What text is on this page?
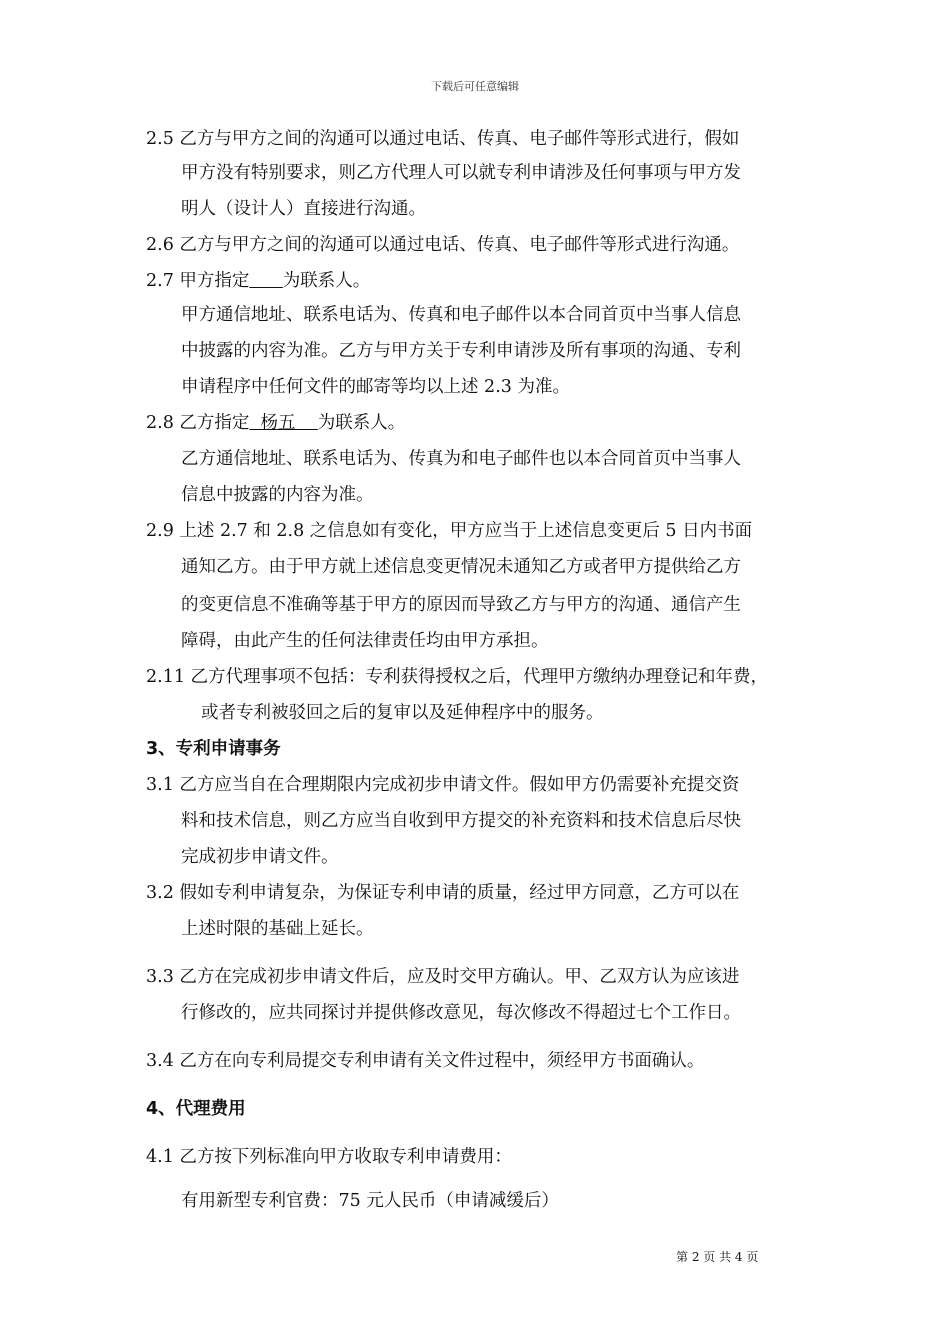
下载后可任意编辑
2.5 乙方与甲方之间的沟通可以通过电话、传真、电子邮件等形式进行，假如
甲方没有特别要求，则乙方代理人可以就专利申请涉及任何事项与甲方发
明人（设计人）直接进行沟通。
2.6 乙方与甲方之间的沟通可以通过电话、传真、电子邮件等形式进行沟通。
2.7 甲方指定 为联系人。
甲方通信地址、联系电话为、传真和电子邮件以本合同首页中当事人信息
中披露的内容为准。乙方与甲方关于专利申请涉及所有事项的沟通、专利
申请程序中任何文件的邮寄等均以上述 2.3 为准。
2.8 乙方指定  杨五    为联系人。
乙方通信地址、联系电话为、传真为和电子邮件也以本合同首页中当事人
信息中披露的内容为准。
2.9 上述 2.7 和 2.8 之信息如有变化，甲方应当于上述信息变更后 5 日内书面
通知乙方。由于甲方就上述信息变更情况未通知乙方或者甲方提供给乙方
的变更信息不准确等基于甲方的原因而导致乙方与甲方的沟通、通信产生
障碍，由此产生的任何法律责任均由甲方承担。
2.11 乙方代理事项不包括：专利获得授权之后，代理甲方缴纳办理登记和年费，
或者专利被驳回之后的复审以及延伸程序中的服务。
3、专利申请事务
3.1 乙方应当自在合理期限内完成初步申请文件。假如甲方仍需要补充提交资
料和技术信息，则乙方应当自收到甲方提交的补充资料和技术信息后尽快
完成初步申请文件。
3.2 假如专利申请复杂，为保证专利申请的质量，经过甲方同意，乙方可以在
上述时限的基础上延长。
3.3 乙方在完成初步申请文件后，应及时交甲方确认。甲、乙双方认为应该进
行修改的，应共同探讨并提供修改意见，每次修改不得超过七个工作日。
3.4 乙方在向专利局提交专利申请有关文件过程中，须经甲方书面确认。
4、代理费用
4.1 乙方按下列标准向甲方收取专利申请费用：
有用新型专利官费：75 元人民币（申请减缓后）
第 2 页 共 4 页
